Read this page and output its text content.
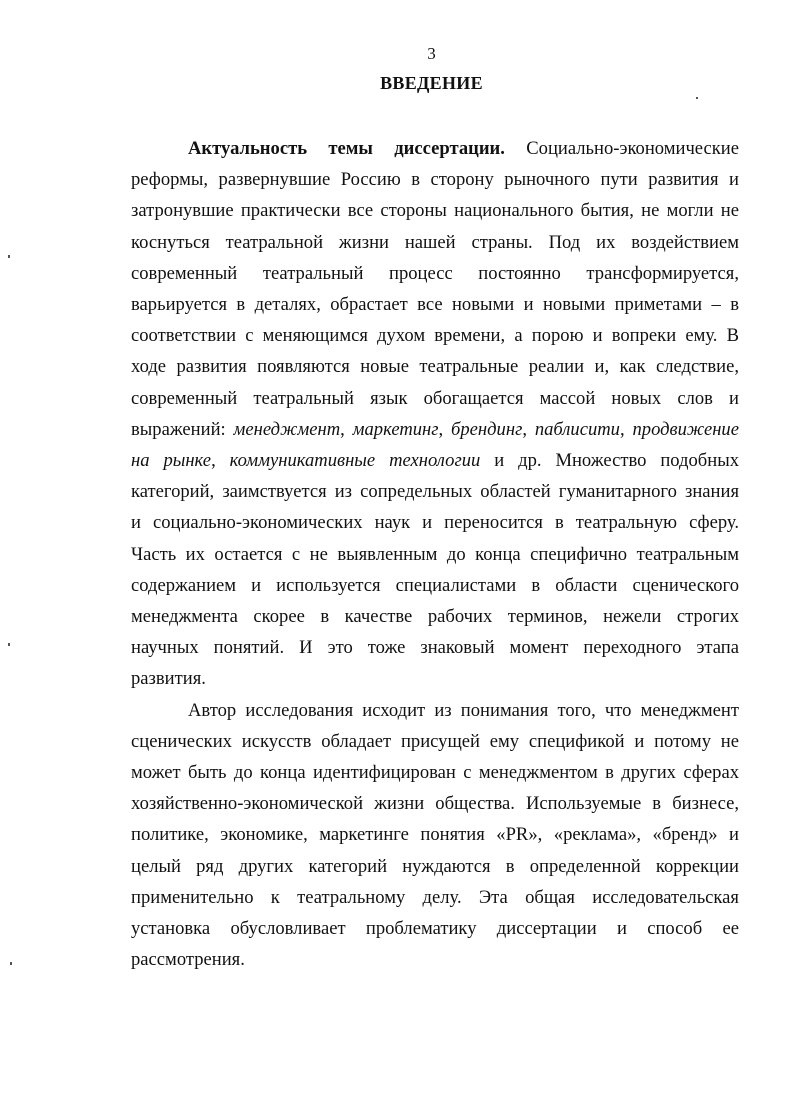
3
ВВЕДЕНИЕ
Актуальность темы диссертации. Социально-экономические
реформы, развернувшие Россию в сторону рыночного пути развития и
затронувшие практически все стороны национального бытия, не могли не
коснуться театральной жизни нашей страны. Под их воздействием
современный театральный процесс постоянно трансформируется,
варьируется в деталях, обрастает все новыми и новыми приметами – в
соответствии с меняющимся духом времени, а порою и вопреки ему. В
ходе развития появляются новые театральные реалии и, как следствие,
современный театральный язык обогащается массой новых слов и
выражений: менеджмент, маркетинг, брендинг, паблисити, продвижение
на рынке, коммуникативные технологии и др. Множество подобных
категорий, заимствуется из сопредельных областей гуманитарного знания
и социально-экономических наук и переносится в театральную сферу.
Часть их остается с не выявленным до конца специфично театральным
содержанием и используется специалистами в области сценического
менеджмента скорее в качестве рабочих терминов, нежели строгих
научных понятий. И это тоже знаковый момент переходного этапа
развития.
Автор исследования исходит из понимания того, что менеджмент
сценических искусств обладает присущей ему спецификой и потому не
может быть до конца идентифицирован с менеджментом в других сферах
хозяйственно-экономической жизни общества. Используемые в бизнесе,
политике, экономике, маркетинге понятия «PR», «реклама», «бренд» и
целый ряд других категорий нуждаются в определенной коррекции
применительно к театральному делу. Эта общая исследовательская
установка обусловливает проблематику диссертации и способ ее
рассмотрения.
